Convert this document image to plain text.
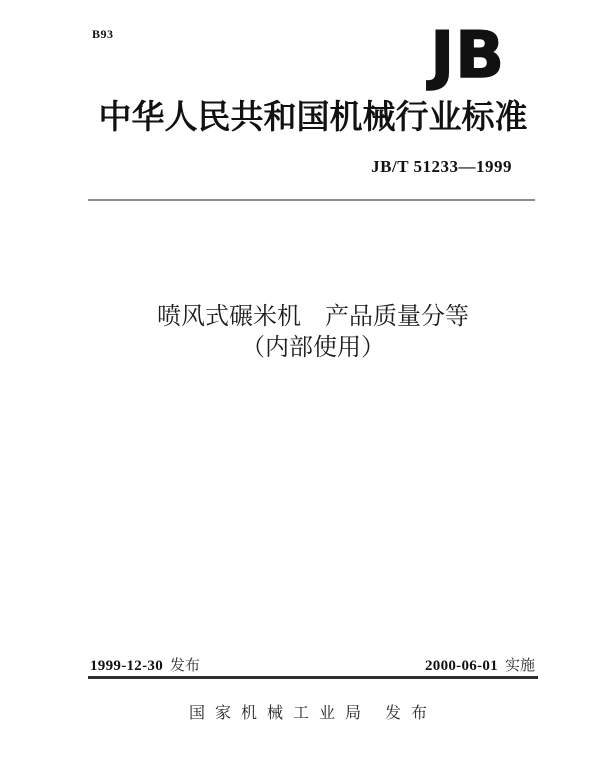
B93	JB
中华人民共和国机械行业标准
JB/T 51233—1999
喷风式碾米机　产品质量分等
（内部使用）
1999-12-30 发布	2000-06-01 实施
国家机械工业局 发布
